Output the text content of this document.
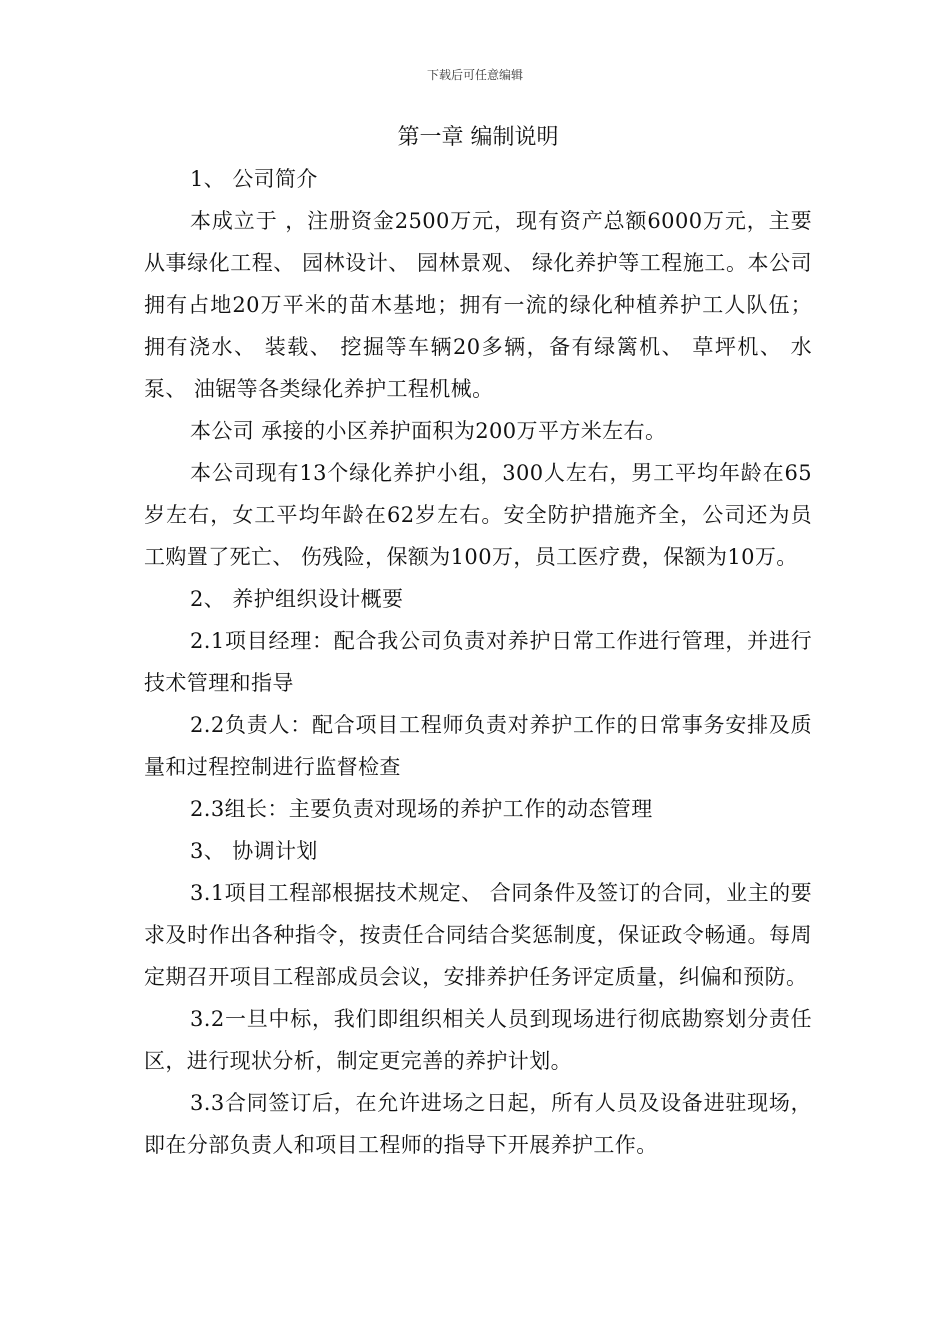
下载后可任意编辑
第一章 编制说明

1、 公司简介

本成立于 ，注册资金2500万元，现有资产总额6000万元，主要从事绿化工程、 园林设计、 园林景观、 绿化养护等工程施工。本公司拥有占地20万平米的苗木基地；拥有一流的绿化种植养护工人队伍；拥有浇水、 装载、 挖掘等车辆20多辆，备有绿篱机、 草坪机、 水泵、 油锯等各类绿化养护工程机械。

本公司 承接的小区养护面积为200万平方米左右。

本公司现有13个绿化养护小组，300人左右，男工平均年龄在65岁左右，女工平均年龄在62岁左右。安全防护措施齐全，公司还为员工购置了死亡、 伤残险，保额为100万，员工医疗费，保额为10万。

2、 养护组织设计概要

2.1项目经理：配合我公司负责对养护日常工作进行管理，并进行技术管理和指导

2.2负责人：配合项目工程师负责对养护工作的日常事务安排及质量和过程控制进行监督检查

2.3组长：主要负责对现场的养护工作的动态管理

3、 协调计划

3.1项目工程部根据技术规定、 合同条件及签订的合同，业主的要求及时作出各种指令，按责任合同结合奖惩制度，保证政令畅通。每周定期召开项目工程部成员会议，安排养护任务评定质量，纠偏和预防。

3.2一旦中标，我们即组织相关人员到现场进行彻底勘察划分责任区，进行现状分析，制定更完善的养护计划。

3.3合同签订后，在允许进场之日起，所有人员及设备进驻现场，即在分部负责人和项目工程师的指导下开展养护工作。
